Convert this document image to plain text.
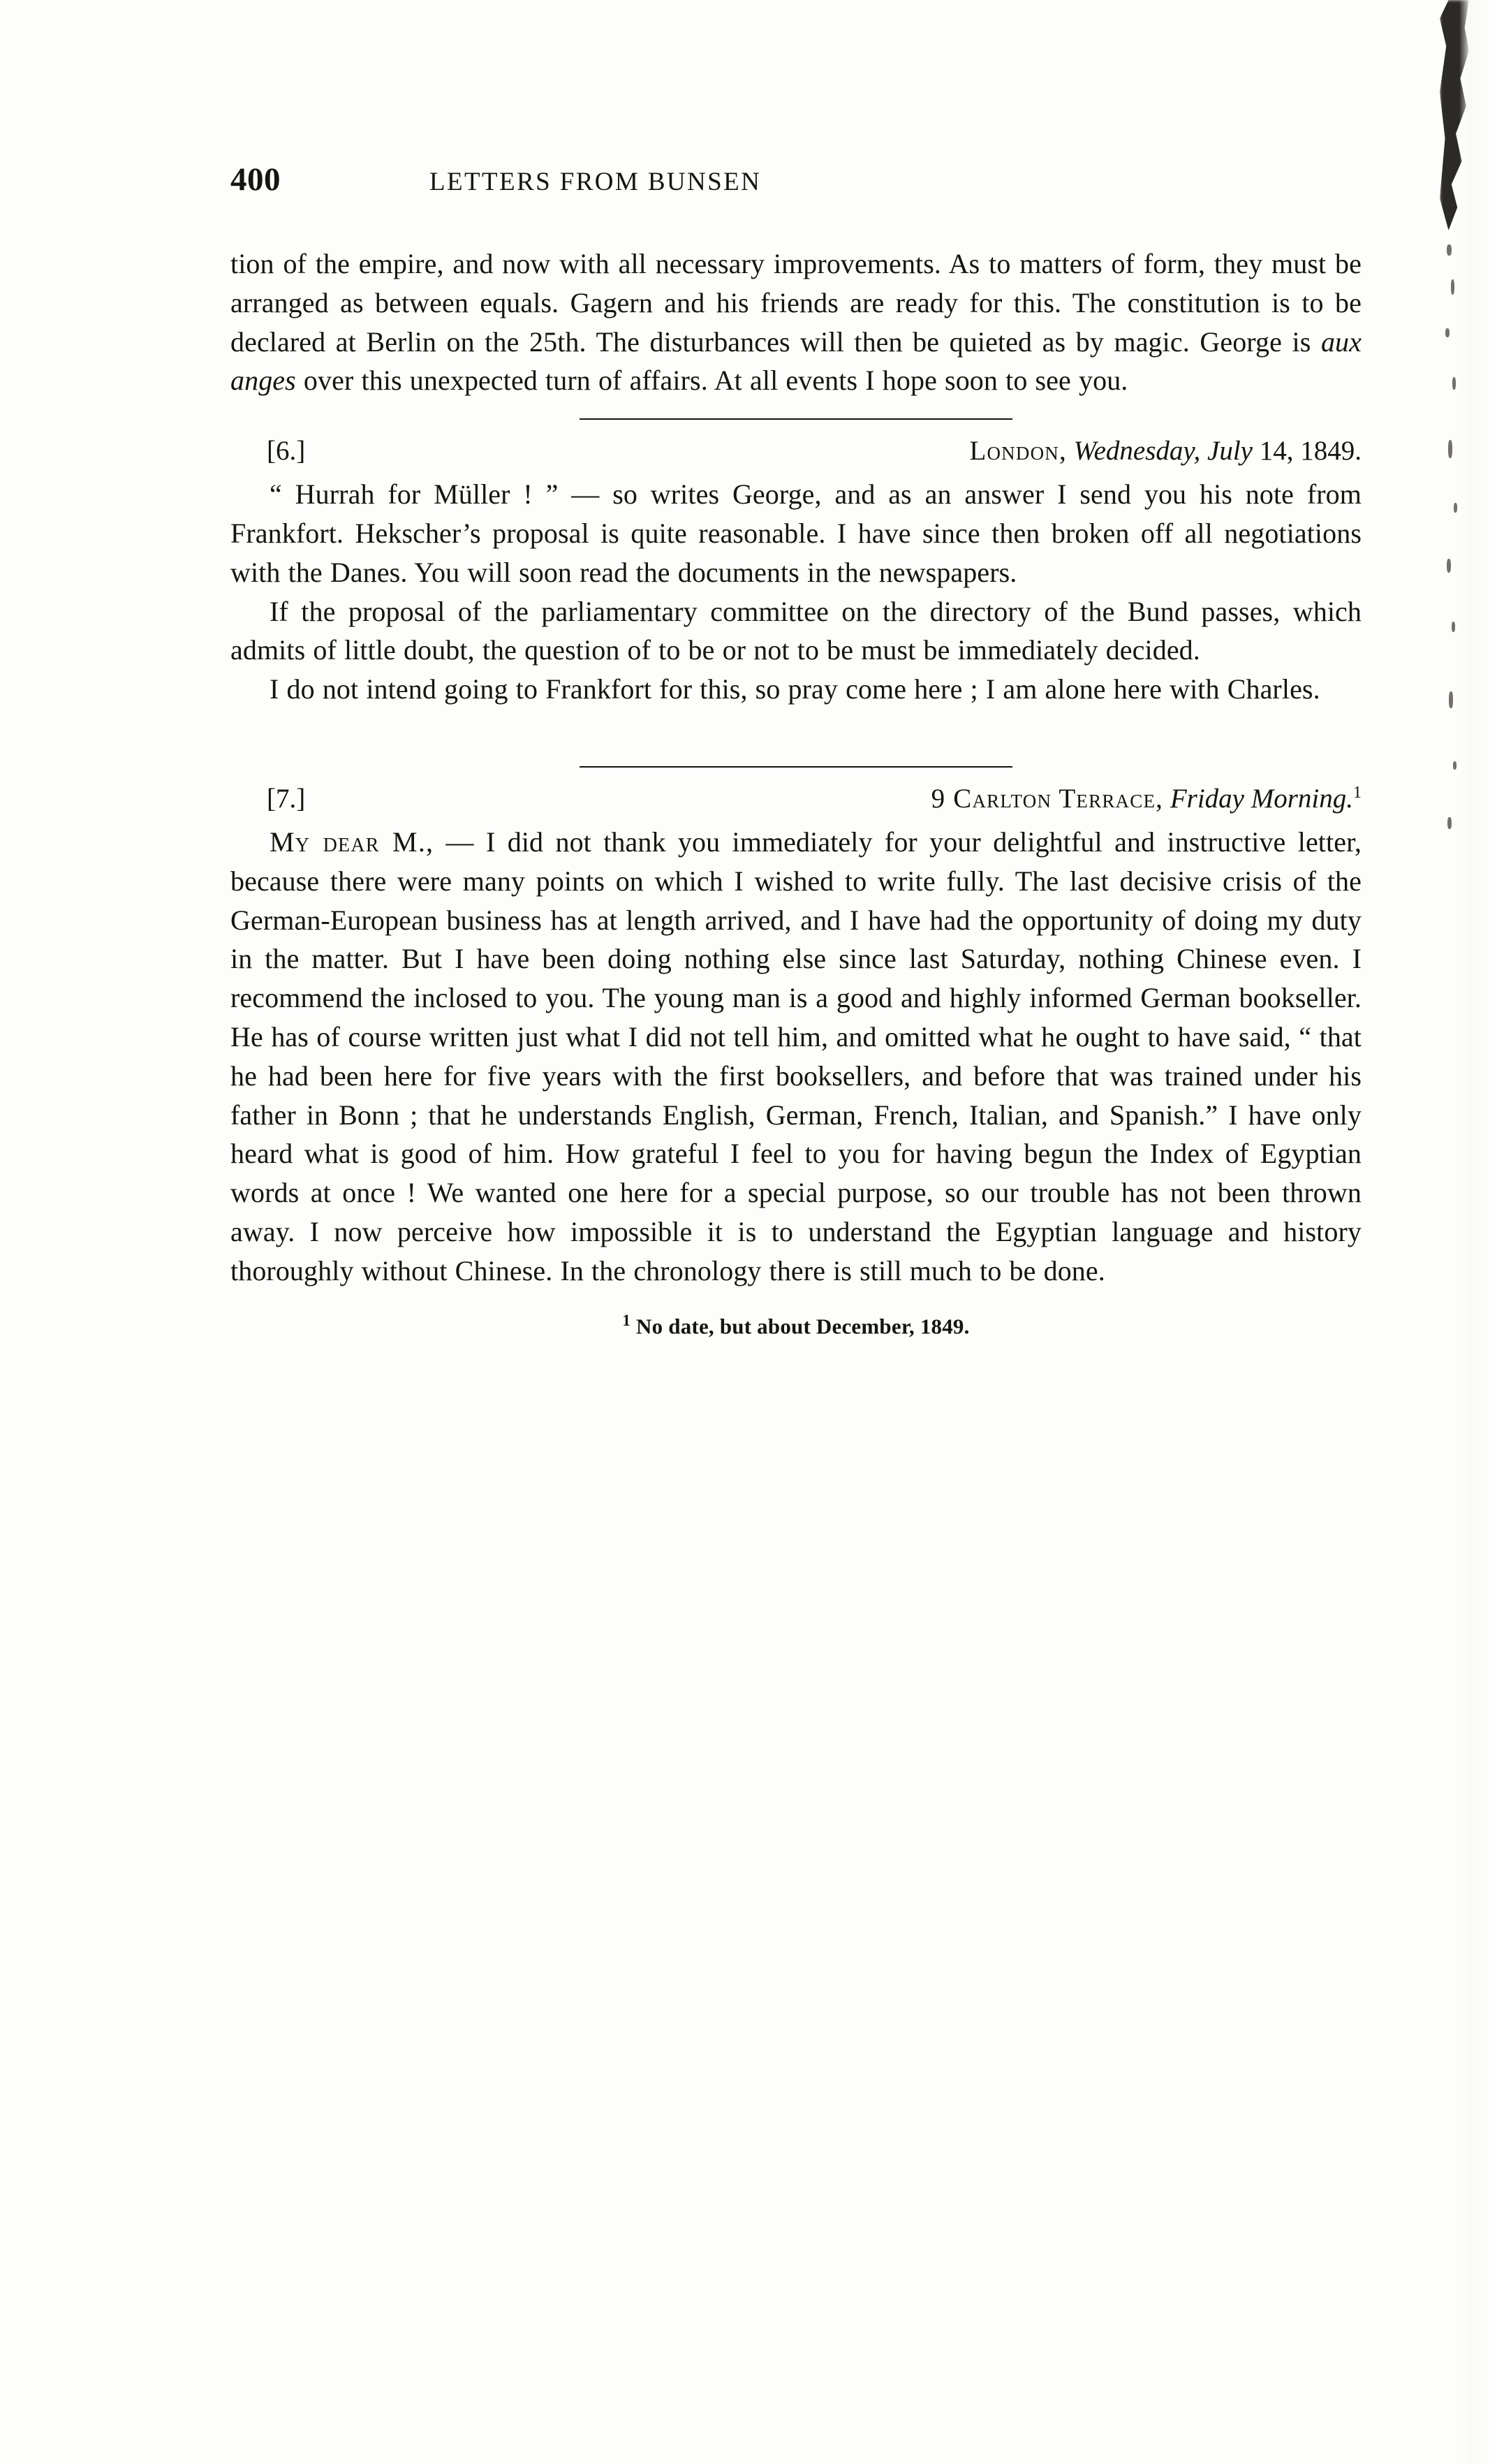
400	LETTERS FROM BUNSEN

tion of the empire, and now with all necessary improvements. As to matters of form, they must be arranged as between equals. Gagern and his friends are ready for this. The constitution is to be declared at Berlin on the 25th. The disturbances will then be quieted as by magic. George is aux anges over this unexpected turn of affairs. At all events I hope soon to see you.

[6.]	London, Wednesday, July 14, 1849.

“ Hurrah for Müller ! ” — so writes George, and as an answer I send you his note from Frankfort. Hekscher’s proposal is quite reasonable. I have since then broken off all negotiations with the Danes. You will soon read the documents in the newspapers.

If the proposal of the parliamentary committee on the directory of the Bund passes, which admits of little doubt, the question of to be or not to be must be immediately decided.

I do not intend going to Frankfort for this, so pray come here ; I am alone here with Charles.

[7.]	9 Carlton Terrace, Friday Morning.$^1$

My dear M., — I did not thank you immediately for your delightful and instructive letter, because there were many points on which I wished to write fully. The last decisive crisis of the German-European business has at length arrived, and I have had the opportunity of doing my duty in the matter. But I have been doing nothing else since last Saturday, nothing Chinese even. I recommend the inclosed to you. The young man is a good and highly informed German bookseller. He has of course written just what I did not tell him, and omitted what he ought to have said, “ that he had been here for five years with the first booksellers, and before that was trained under his father in Bonn ; that he understands English, German, French, Italian, and Spanish.” I have only heard what is good of him. How grateful I feel to you for having begun the Index of Egyptian words at once ! We wanted one here for a special purpose, so our trouble has not been thrown away. I now perceive how impossible it is to understand the Egyptian language and history thoroughly without Chinese. In the chronology there is still much to be done.

$^1$ No date, but about December, 1849.
